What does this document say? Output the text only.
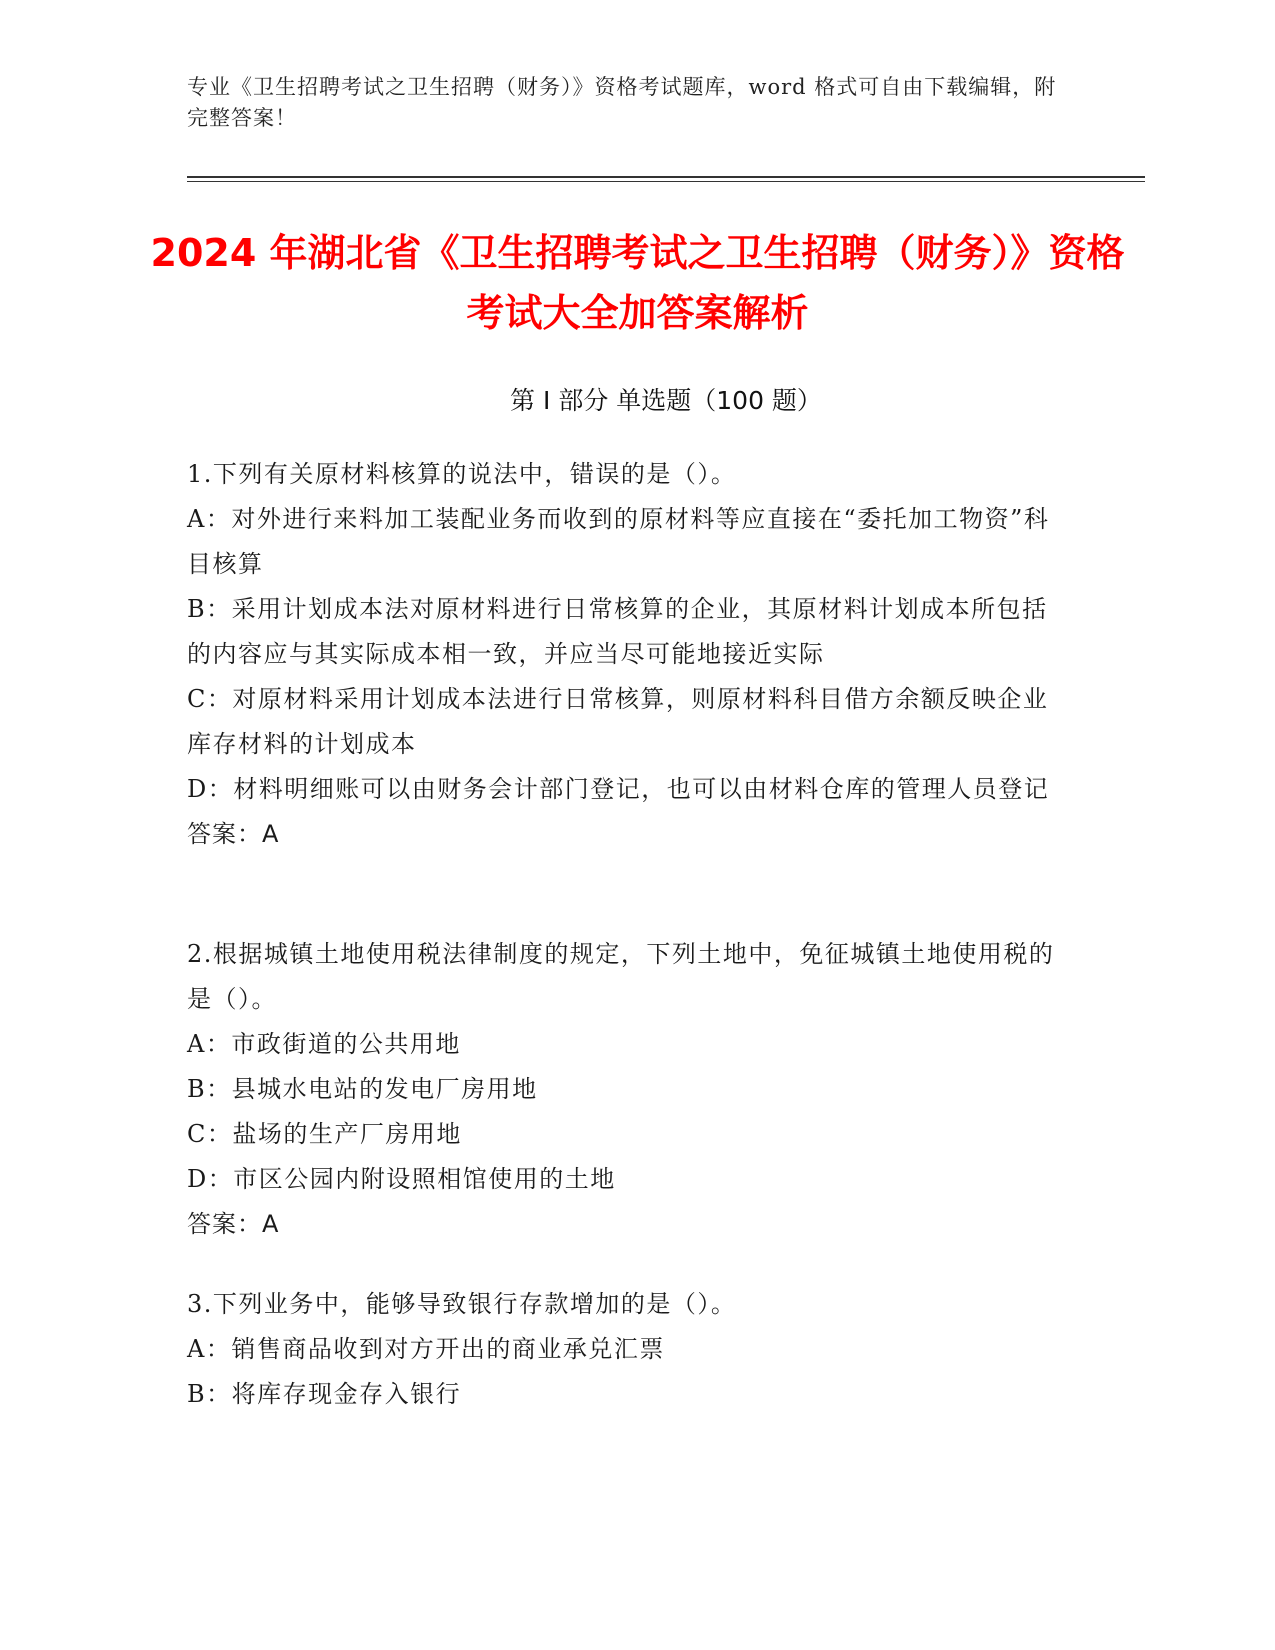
专业《卫生招聘考试之卫生招聘（财务）》资格考试题库，word 格式可自由下载编辑，附完整答案！
2024 年湖北省《卫生招聘考试之卫生招聘（财务）》资格考试大全加答案解析
第 I 部分 单选题（100 题）

1.下列有关原材料核算的说法中，错误的是（）。

A：对外进行来料加工装配业务而收到的原材料等应直接在“委托加工物资”科目核算

B：采用计划成本法对原材料进行日常核算的企业，其原材料计划成本所包括的内容应与其实际成本相一致，并应当尽可能地接近实际

C：对原材料采用计划成本法进行日常核算，则原材料科目借方余额反映企业库存材料的计划成本

D：材料明细账可以由财务会计部门登记，也可以由材料仓库的管理人员登记

答案：A

2.根据城镇土地使用税法律制度的规定，下列土地中，免征城镇土地使用税的是（）。

A：市政街道的公共用地

B：县城水电站的发电厂房用地

C：盐场的生产厂房用地

D：市区公园内附设照相馆使用的土地

答案：A

3.下列业务中，能够导致银行存款增加的是（）。

A：销售商品收到对方开出的商业承兑汇票

B：将库存现金存入银行
